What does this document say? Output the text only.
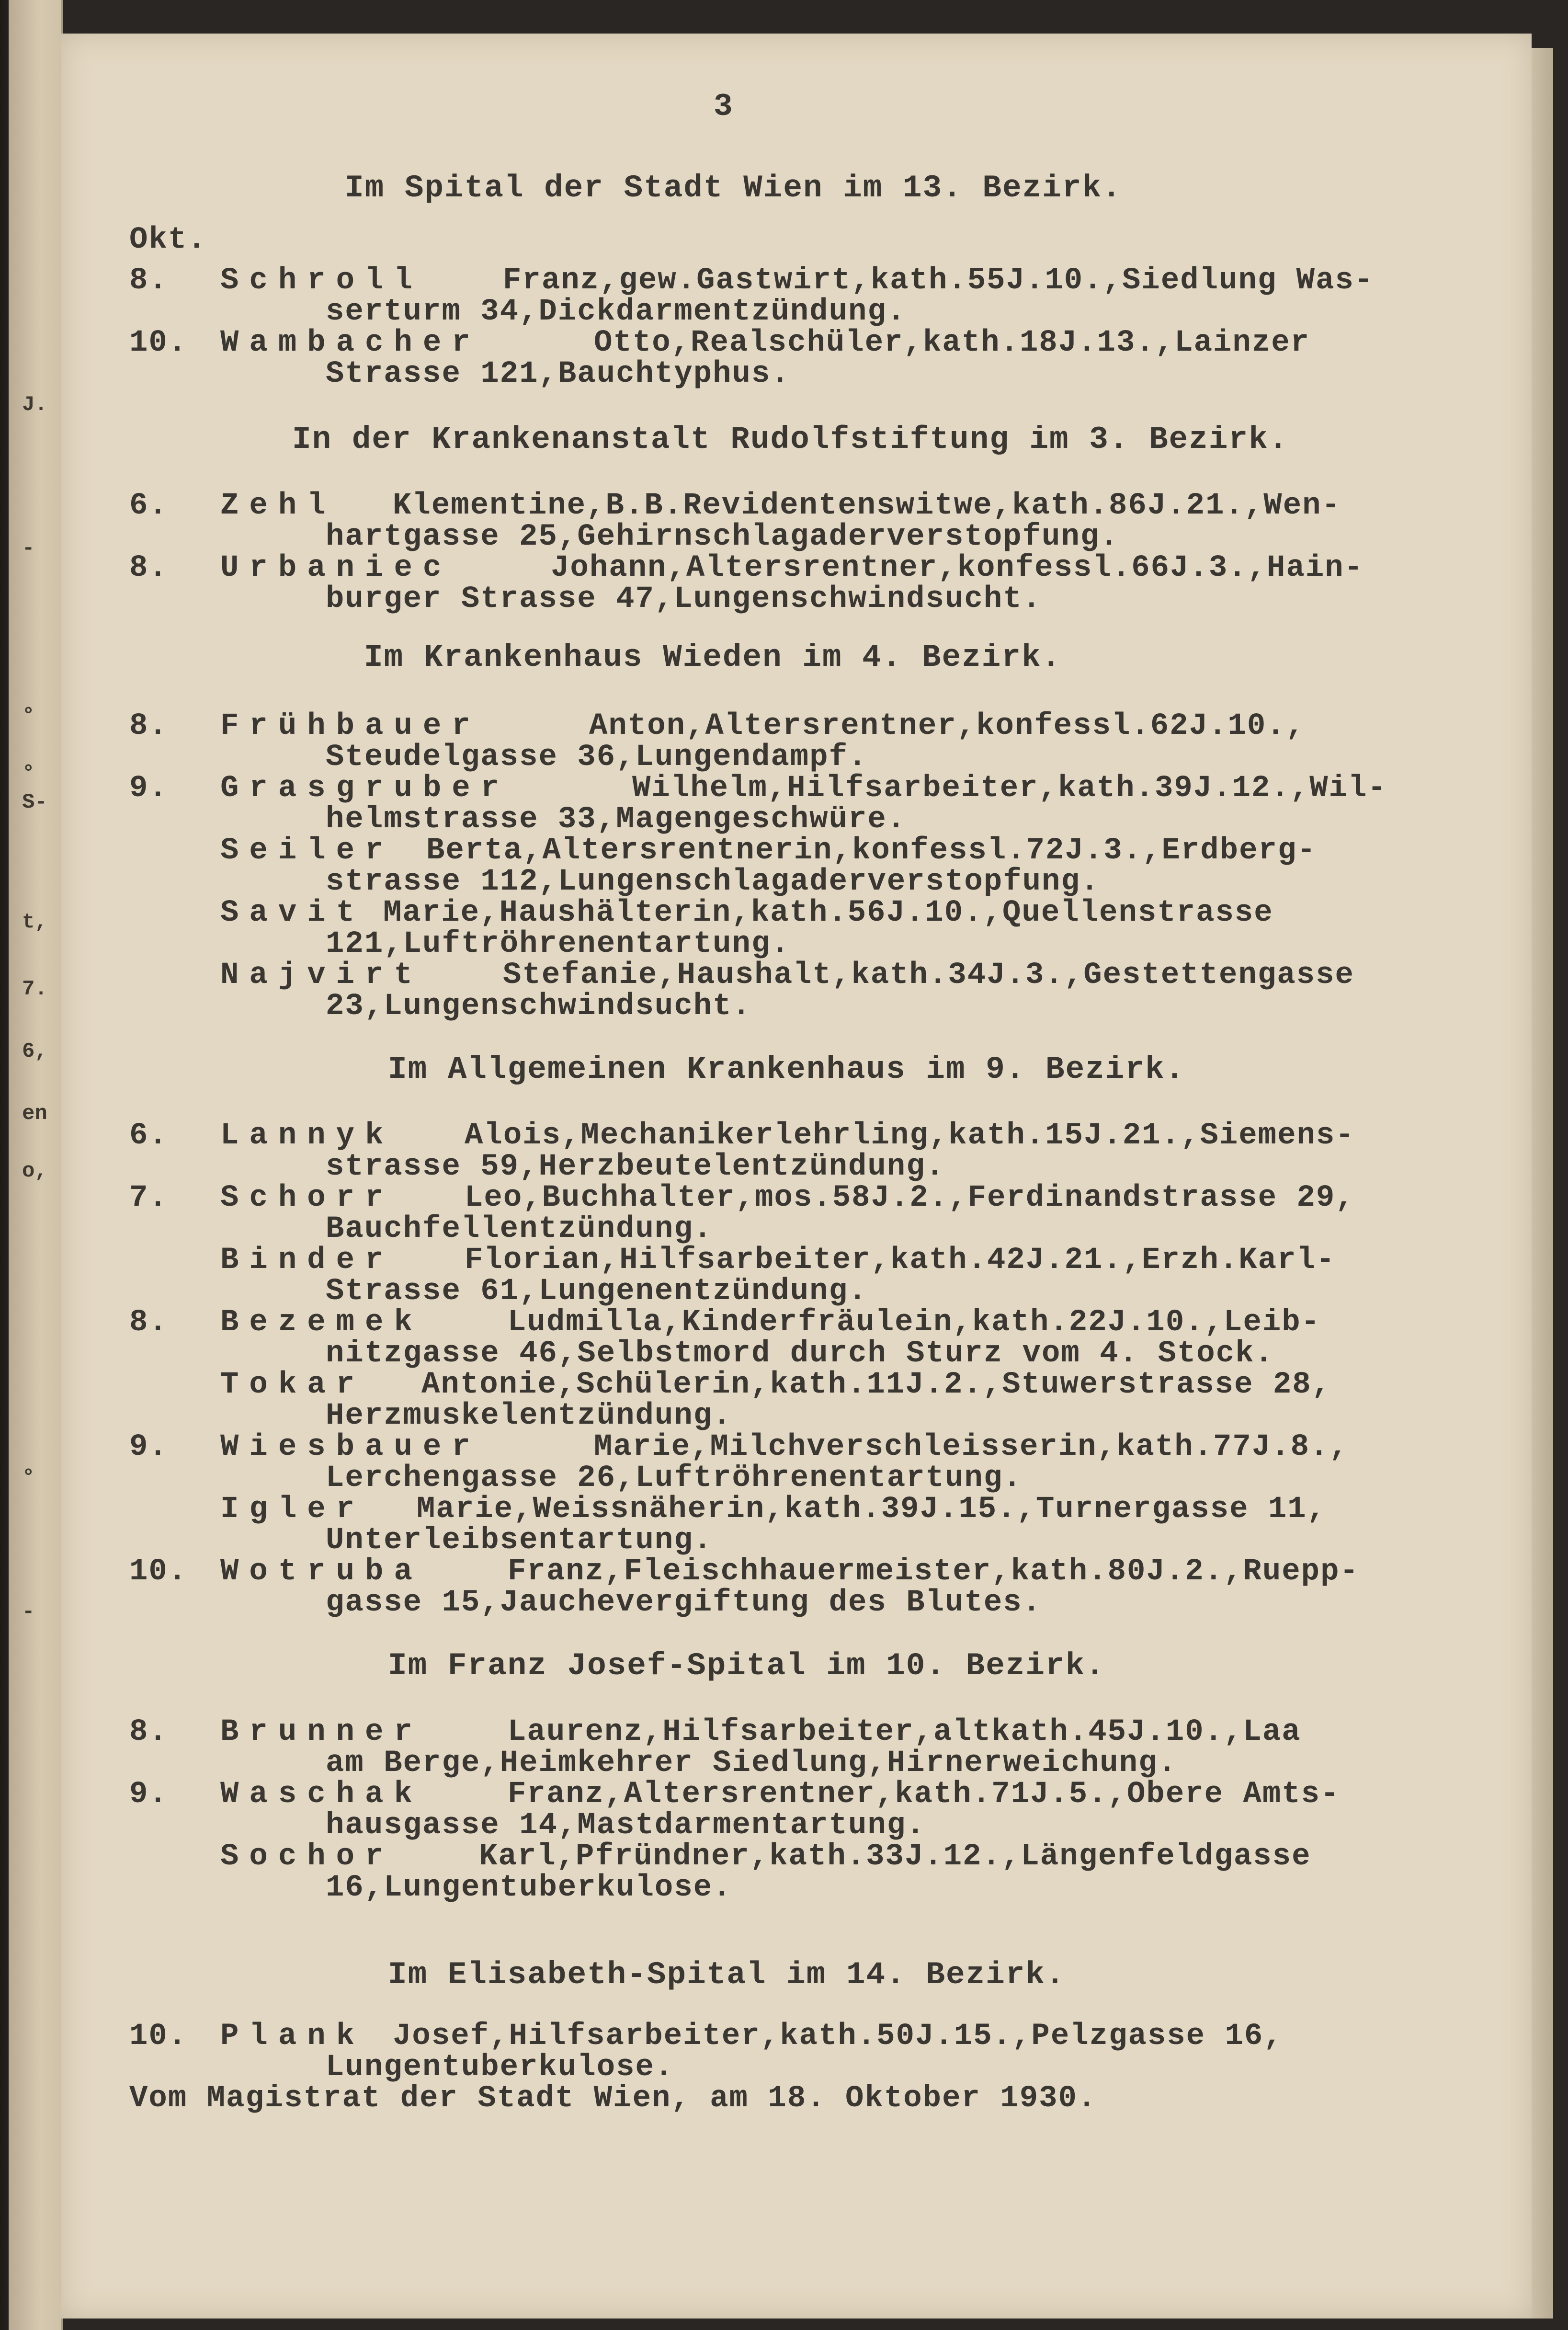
J.
-
°
°
S-
t,
7.
6,
en
o,
°
-
3
Im Spital der Stadt Wien im 13. Bezirk.
Okt.
8. Schroll	Franz,gew.Gastwirt,kath.55J.10.,Siedlung Was-
serturm 34,Dickdarmentzündung.
10. Wambacher	Otto,Realschüler,kath.18J.13.,Lainzer
Strasse 121,Bauchtyphus.
In der Krankenanstalt Rudolfstiftung im 3. Bezirk.
6. Zehl Klementine,B.B.Revidentenswitwe,kath.86J.21.,Wen-
hartgasse 25,Gehirnschlagaderverstopfung.
8. Urbaniec	Johann,Altersrentner,konfessl.66J.3.,Hain-
burger Strasse 47,Lungenschwindsucht.
Im Krankenhaus Wieden im 4. Bezirk.
8. Frühbauer	Anton,Altersrentner,konfessl.62J.10.,
Steudelgasse 36,Lungendampf.
9. Grasgruber	Wilhelm,Hilfsarbeiter,kath.39J.12.,Wil-
helmstrasse 33,Magengeschwüre.
Seiler Berta,Altersrentnerin,konfessl.72J.3.,Erdberg-
strasse 112,Lungenschlagaderverstopfung.
Savit Marie,Haushälterin,kath.56J.10.,Quellenstrasse
121,Luftröhrenentartung.
Najvirt	Stefanie,Haushalt,kath.34J.3.,Gestettengasse
23,Lungenschwindsucht.
Im Allgemeinen Krankenhaus im 9. Bezirk.
6. Lannyk Alois,Mechanikerlehrling,kath.15J.21.,Siemens-
strasse 59,Herzbeutelentzündung.
7. Schorr Leo,Buchhalter,mos.58J.2.,Ferdinandstrasse 29,
Bauchfellentzündung.
Binder Florian,Hilfsarbeiter,kath.42J.21.,Erzh.Karl-
Strasse 61,Lungenentzündung.
8. Bezemek	Ludmilla,Kinderfräulein,kath.22J.10.,Leib-
nitzgasse 46,Selbstmord durch Sturz vom 4. Stock.
Tokar Antonie,Schülerin,kath.11J.2.,Stuwerstrasse 28,
Herzmuskelentzündung.
9. Wiesbauer	Marie,Milchverschleisserin,kath.77J.8.,
Lerchengasse 26,Luftröhrenentartung.
Igler Marie,Weissnäherin,kath.39J.15.,Turnergasse 11,
Unterleibsentartung.
10. Wotruba	Franz,Fleischhauermeister,kath.80J.2.,Ruepp-
gasse 15,Jauchevergiftung des Blutes.
Im Franz Josef-Spital im 10. Bezirk.
8. Brunner	Laurenz,Hilfsarbeiter,altkath.45J.10.,Laa
am Berge,Heimkehrer Siedlung,Hirnerweichung.
9. Waschak	Franz,Altersrentner,kath.71J.5.,Obere Amts-
hausgasse 14,Mastdarmentartung.
Sochor	Karl,Pfründner,kath.33J.12.,Längenfeldgasse
16,Lungentuberkulose.
Im Elisabeth-Spital im 14. Bezirk.
10. Plank Josef,Hilfsarbeiter,kath.50J.15.,Pelzgasse 16,
Lungentuberkulose.
Vom Magistrat der Stadt Wien, am 18. Oktober 1930.
